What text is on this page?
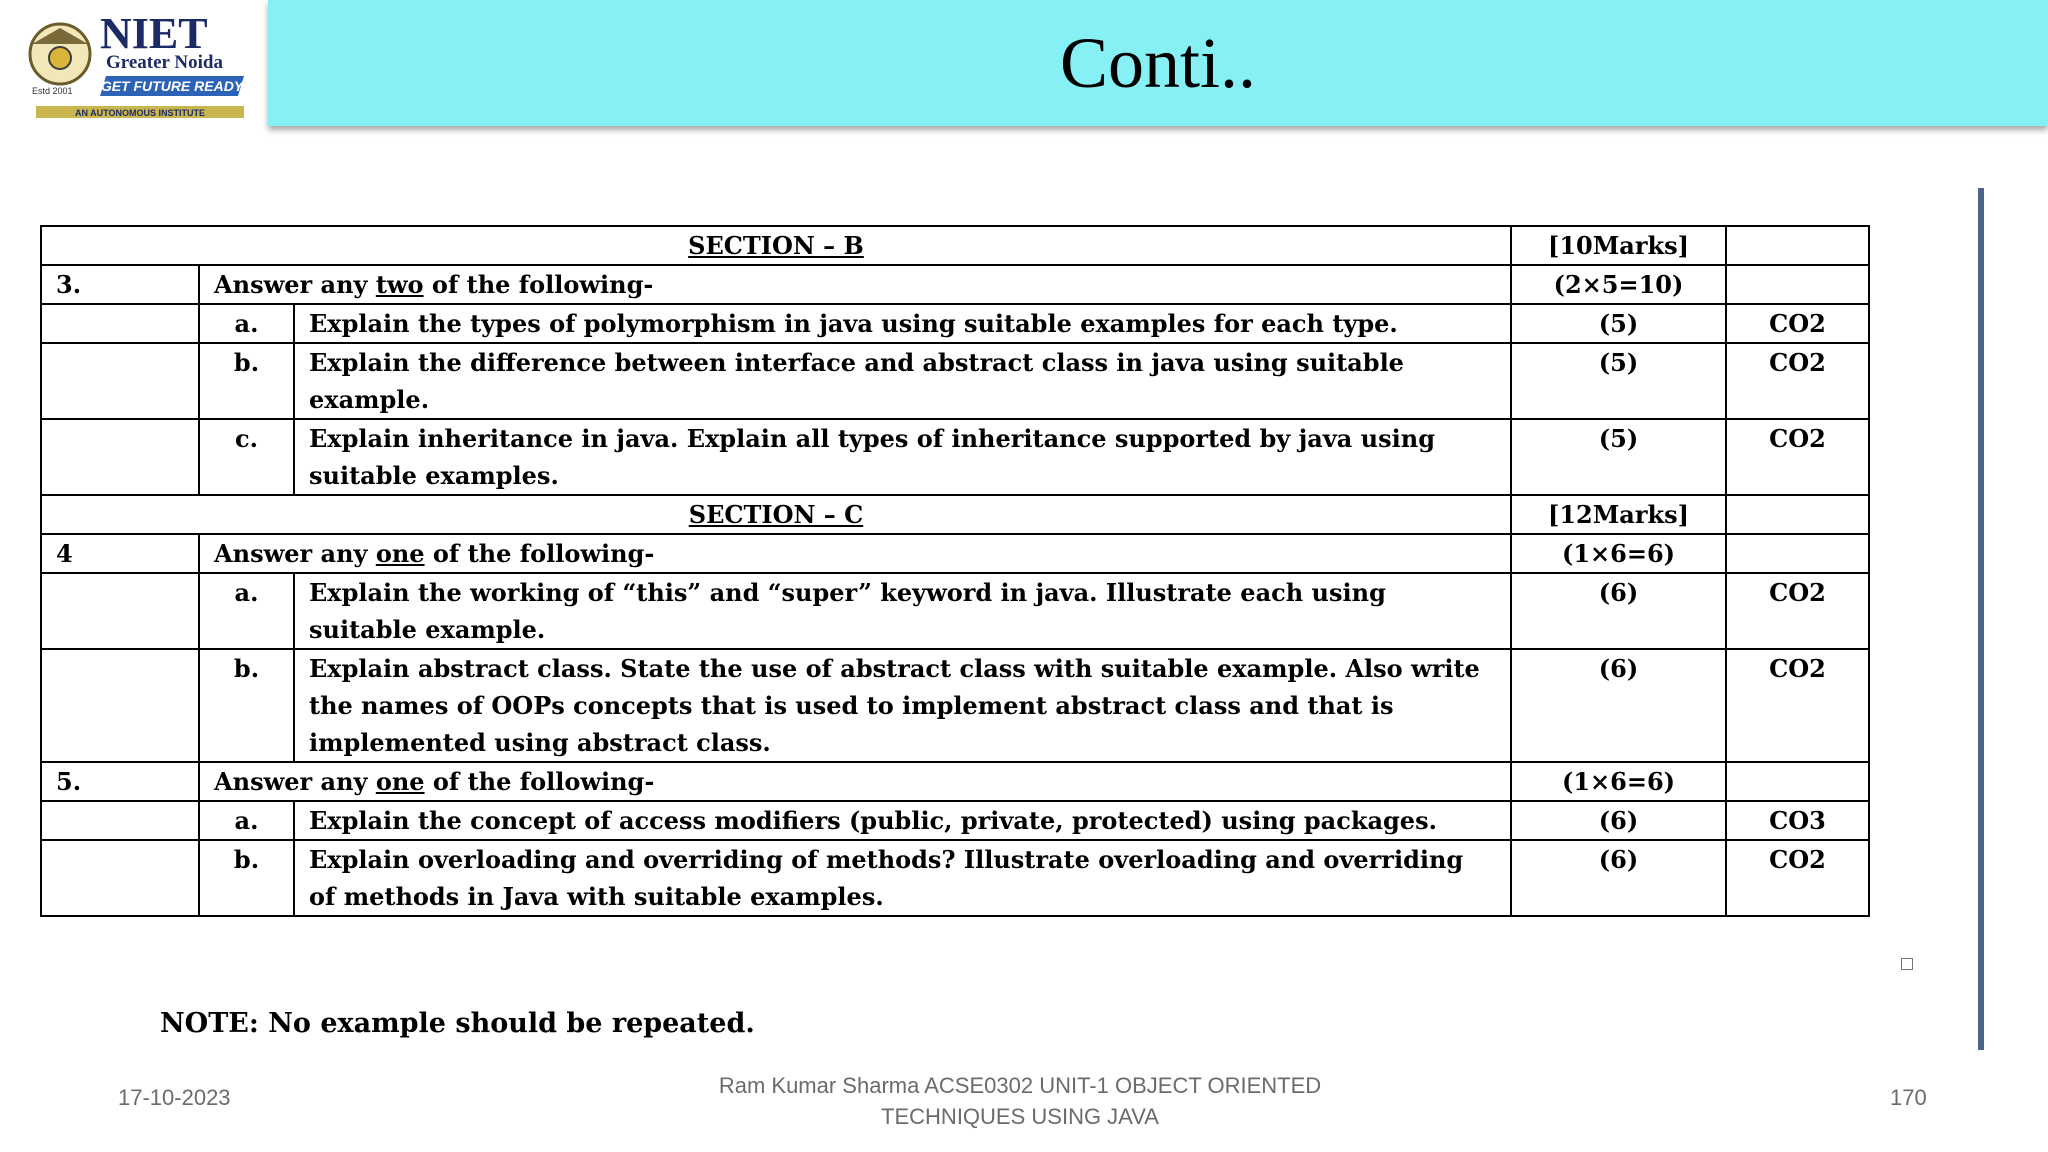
AN AUTONOMOUS INSTITUTE
Estd 2001
NIET
Greater Noida
GET FUTURE READY	Conti..
SECTION – B			[10Marks]	
3.	Answer any two of the following-		(2×5=10)	
	a.	Explain the types of polymorphism in java using suitable examples for each type.	(5)	CO2
	b.	Explain the difference between interface and abstract class in java using suitable example.	(5)	CO2
	c.	Explain inheritance in java. Explain all types of inheritance supported by java using suitable examples.	(5)	CO2
SECTION – C			[12Marks]	
4	Answer any one of the following-		(1×6=6)	
	a.	Explain the working of “this” and “super” keyword in java. Illustrate each using suitable example.	(6)	CO2
	b.	Explain abstract class. State the use of abstract class with suitable example. Also write the names of OOPs concepts that is used to implement abstract class and that is implemented using abstract class.	(6)	CO2
5.	Answer any one of the following-		(1×6=6)	
	a.	Explain the concept of access modifiers (public, private, protected) using packages.	(6)	CO3
	b.	Explain overloading and overriding of methods? Illustrate overloading and overriding of methods in Java with suitable examples.	(6)	CO2
NOTE: No example should be repeated.
17-10-2023	Ram Kumar Sharma ACSE0302 UNIT-1 OBJECT ORIENTED
TECHNIQUES USING JAVA
170
